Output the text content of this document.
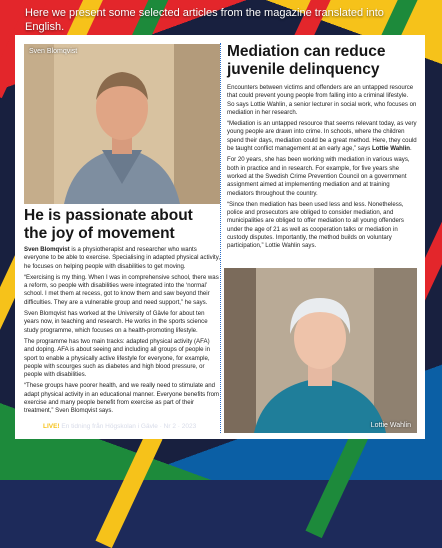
Here we present some selected articles from the magazine translated into English.
Sven Blomqvist
He is passionate about the joy of movement

Sven Blomqvist is a physiotherapist and researcher who wants everyone to be able to exercise. Specialising in adapted physical activity, he focuses on helping people with disabilities to get moving.

“Exercising is my thing. When I was in comprehensive school, there was a reform, so people with disabilities were integrated into the ‘normal’ school. I met them at recess, got to know them and saw beyond their difficulties. They are a vulnerable group and need support,” he says.

Sven Blomqvist has worked at the University of Gävle for about ten years now, in teaching and research. He works in the sports science study programme, which focuses on a health-promoting lifestyle.

The programme has two main tracks: adapted physical activity (AFA) and doping. AFA is about seeing and including all groups of people in sport to enable a physically active lifestyle for everyone, for example, people with scourges such as diabetes and high blood pressure, or people with disabilities.

“These groups have poorer health, and we really need to stimulate and adapt physical activity in an educational manner. Everyone benefits from exercise and many people benefit from exercise as part of their treatment,” Sven Blomqvist says.

Mediation can reduce juvenile delinquency

Encounters between victims and offenders are an untapped resource that could prevent young people from falling into a criminal lifestyle. So says Lottie Wahlin, a senior lecturer in social work, who focuses on mediation in her research.

“Mediation is an untapped resource that seems relevant today, as very young people are drawn into crime. In schools, where the children spend their days, mediation could be a great method. Here, they could be taught conflict management at an early age,” says Lottie Wahlin.

For 20 years, she has been working with mediation in various ways, both in practice and in research. For example, for five years she worked at the Swedish Crime Prevention Council on a government assignment aimed at implementing mediation and at training mediators throughout the country.

“Since then mediation has been used less and less. Nonetheless, police and prosecutors are obliged to consider mediation, and municipalities are obliged to offer mediation to all young offenders under the age of 21 as well as cooperation talks or mediation in custody disputes. Importantly, the method builds on voluntary participation,” Lottie Wahlin says.

Lottie Wahlin
22 LIVE! En tidning från Högskolan i Gävle · Nr 2 · 2023
